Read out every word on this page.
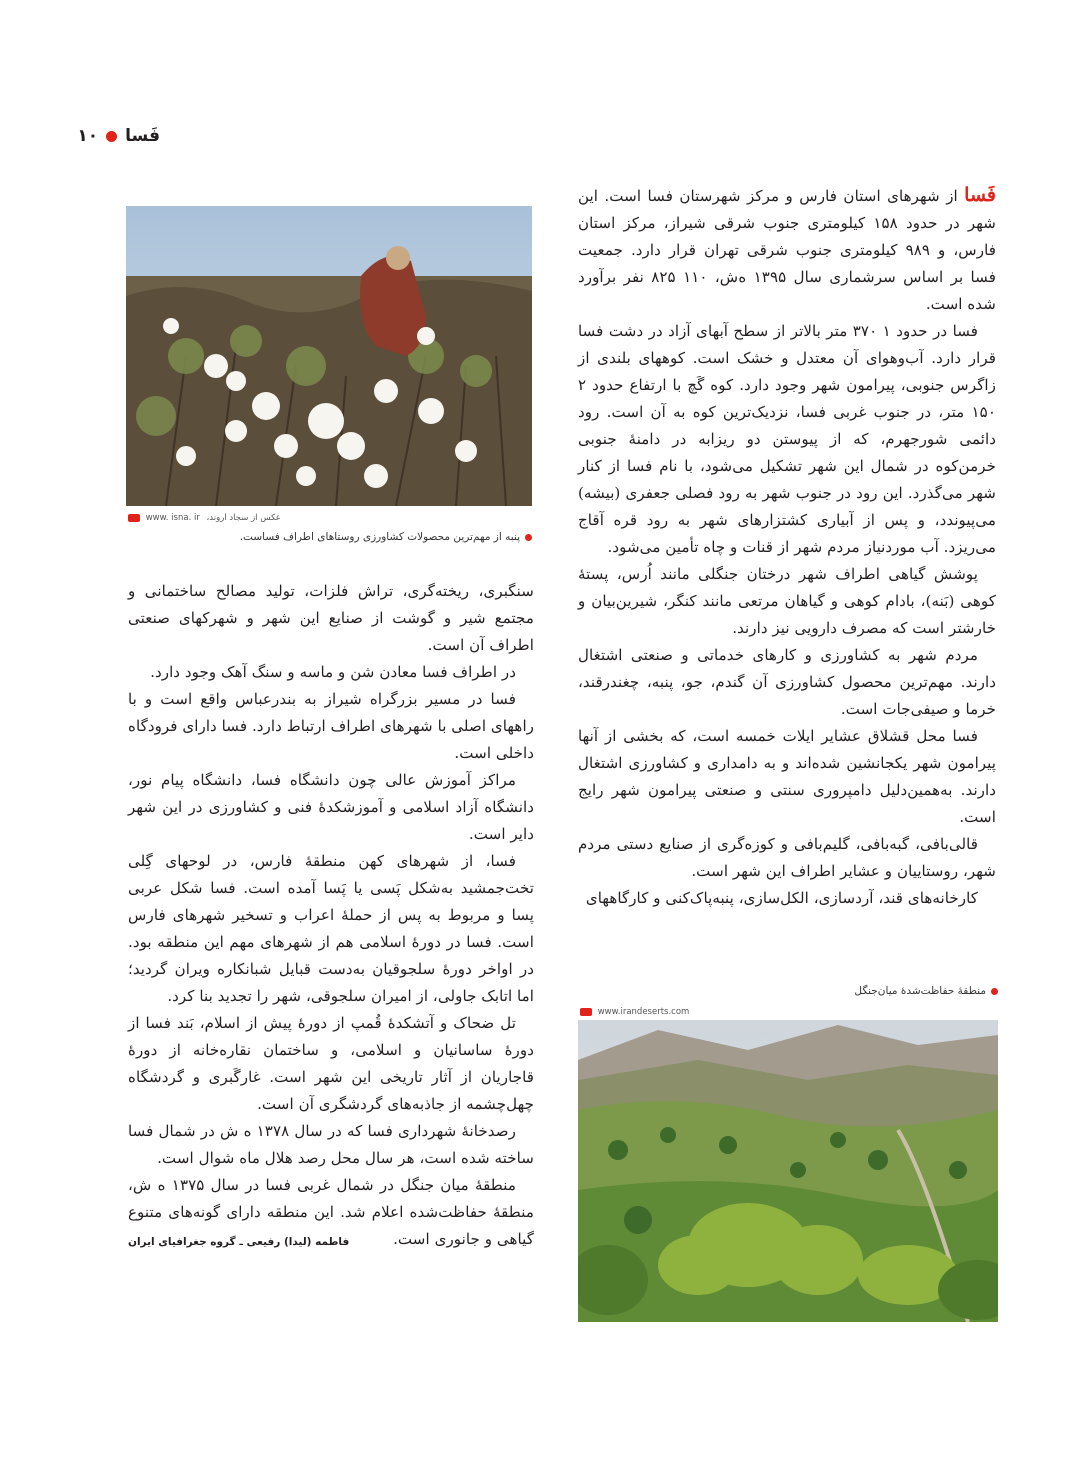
فَسا
۱۰
www. isna. ir عکس از سجاد اروند،
پنبه از مهم‌ترین محصولات کشاورزی روستاهای اطراف فساست.

فَسا از شهرهای استان فارس و مرکز شهرستان فسا است. این شهر در حدود ۱۵۸ کیلومتری جنوب شرقی شیراز، مرکز استان فارس، و ۹۸۹ کیلومتری جنوب شرقی تهران قرار دارد. جمعیت فسا بر اساس سرشماری سال ۱۳۹۵ ه‌ش، ۱۱۰ ۸۲۵ نفر برآورد شده است.

فسا در حدود ۱ ۳۷۰ متر بالاتر از سطح آبهای آزاد در دشت فسا قرار دارد. آب‌وهوای آن معتدل و خشک است. کوههای بلندی از زاگرس جنوبی، پیرامون شهر وجود دارد. کوه گَچ با ارتفاع حدود ۲ ۱۵۰ متر، در جنوب غربی فسا، نزدیک‌ترین کوه به آن است. رود دائمی شورجهرم، که از پیوستن دو ریزابه در دامنهٔ جنوبی خرمن‌کوه در شمال این شهر تشکیل می‌شود، با نام فسا از کنار شهر می‌گذرد. این رود در جنوب شهر به رود فصلی جعفری (بیشه) می‌پیوندد، و پس از آبیاری کشتزارهای شهر به رود قره آقاج می‌ریزد. آب موردنیاز مردم شهر از قنات و چاه تأمین می‌شود.

پوشش گیاهی اطراف شهر درختان جنگلی مانند اُرس، پستهٔ کوهی (بَنه)، بادام کوهی و گیاهان مرتعی مانند کنگر، شیرین‌بیان و خارشتر است که مصرف دارویی نیز دارند.

مردم شهر به کشاورزی و کارهای خدماتی و صنعتی اشتغال دارند. مهم‌ترین محصول کشاورزی آن گندم، جو، پنبه، چغندرقند، خرما و صیفی‌جات است.

فسا محل قشلاق عشایر ایلات خمسه است، که بخشی از آنها پیرامون شهر یکجانشین شده‌اند و به دامداری و کشاورزی اشتغال دارند. به‌همین‌دلیل دامپروری سنتی و صنعتی پیرامون شهر رایج است.

قالی‌بافی، گبه‌بافی، گلیم‌بافی و کوزه‌گری از صنایع دستی مردم شهر، روستاییان و عشایر اطراف این شهر است.

کارخانه‌های قند، آردسازی، الکل‌سازی، پنبه‌پاک‌کنی و کارگاههای

منطقهٔ حفاظت‌شدهٔ میان‌جنگل
www.irandeserts.com

سنگبری، ریخته‌گری، تراش فلزات، تولید مصالح ساختمانی و مجتمع شیر و گوشت از صنایع این شهر و شهرکهای صنعتی اطراف آن است.

در اطراف فسا معادن شن و ماسه و سنگ آهک وجود دارد.

فسا در مسیر بزرگراه شیراز به بندرعباس واقع است و با راههای اصلی با شهرهای اطراف ارتباط دارد. فسا دارای فرودگاه داخلی است.

مراکز آموزش عالی چون دانشگاه فسا، دانشگاه پیام نور، دانشگاه آزاد اسلامی و آموزشکدهٔ فنی و کشاورزی در این شهر دایر است.

فسا، از شهرهای کهن منطقهٔ فارس، در لوحهای گِلی تخت‌جمشید به‌شکل پَسی یا پَسا آمده است. فسا شکل عربی پسا و مربوط به پس از حملهٔ اعراب و تسخیر شهرهای فارس است. فسا در دورهٔ اسلامی هم از شهرهای مهم این منطقه بود. در اواخر دورهٔ سلجوقیان به‌دست قبایل شبانکاره ویران گردید؛ اما اتابک جاولی، از امیران سلجوقی، شهر را تجدید بنا کرد.

تل ضحاک و آتشکدهٔ قُمپ از دورهٔ پیش از اسلام، بَند فسا از دورهٔ ساسانیان و اسلامی، و ساختمان نقاره‌خانه از دورهٔ قاجاریان از آثار تاریخی این شهر است. غارگَبری و گردشگاه چهل‌چشمه از جاذبه‌های گردشگری آن است.

رصدخانهٔ شهرداری فسا که در سال ۱۳۷۸ ه ش در شمال فسا ساخته شده است، هر سال محل رصد هلال ماه شوال است.

منطقهٔ میان جنگل در شمال غربی فسا در سال ۱۳۷۵ ه ش، منطقهٔ حفاظت‌شده اعلام شد. این منطقه دارای گونه‌های متنوع گیاهی و جانوری است.

فاطمه (لیدا) رفیعی ـ گروه جغرافیای ایران
